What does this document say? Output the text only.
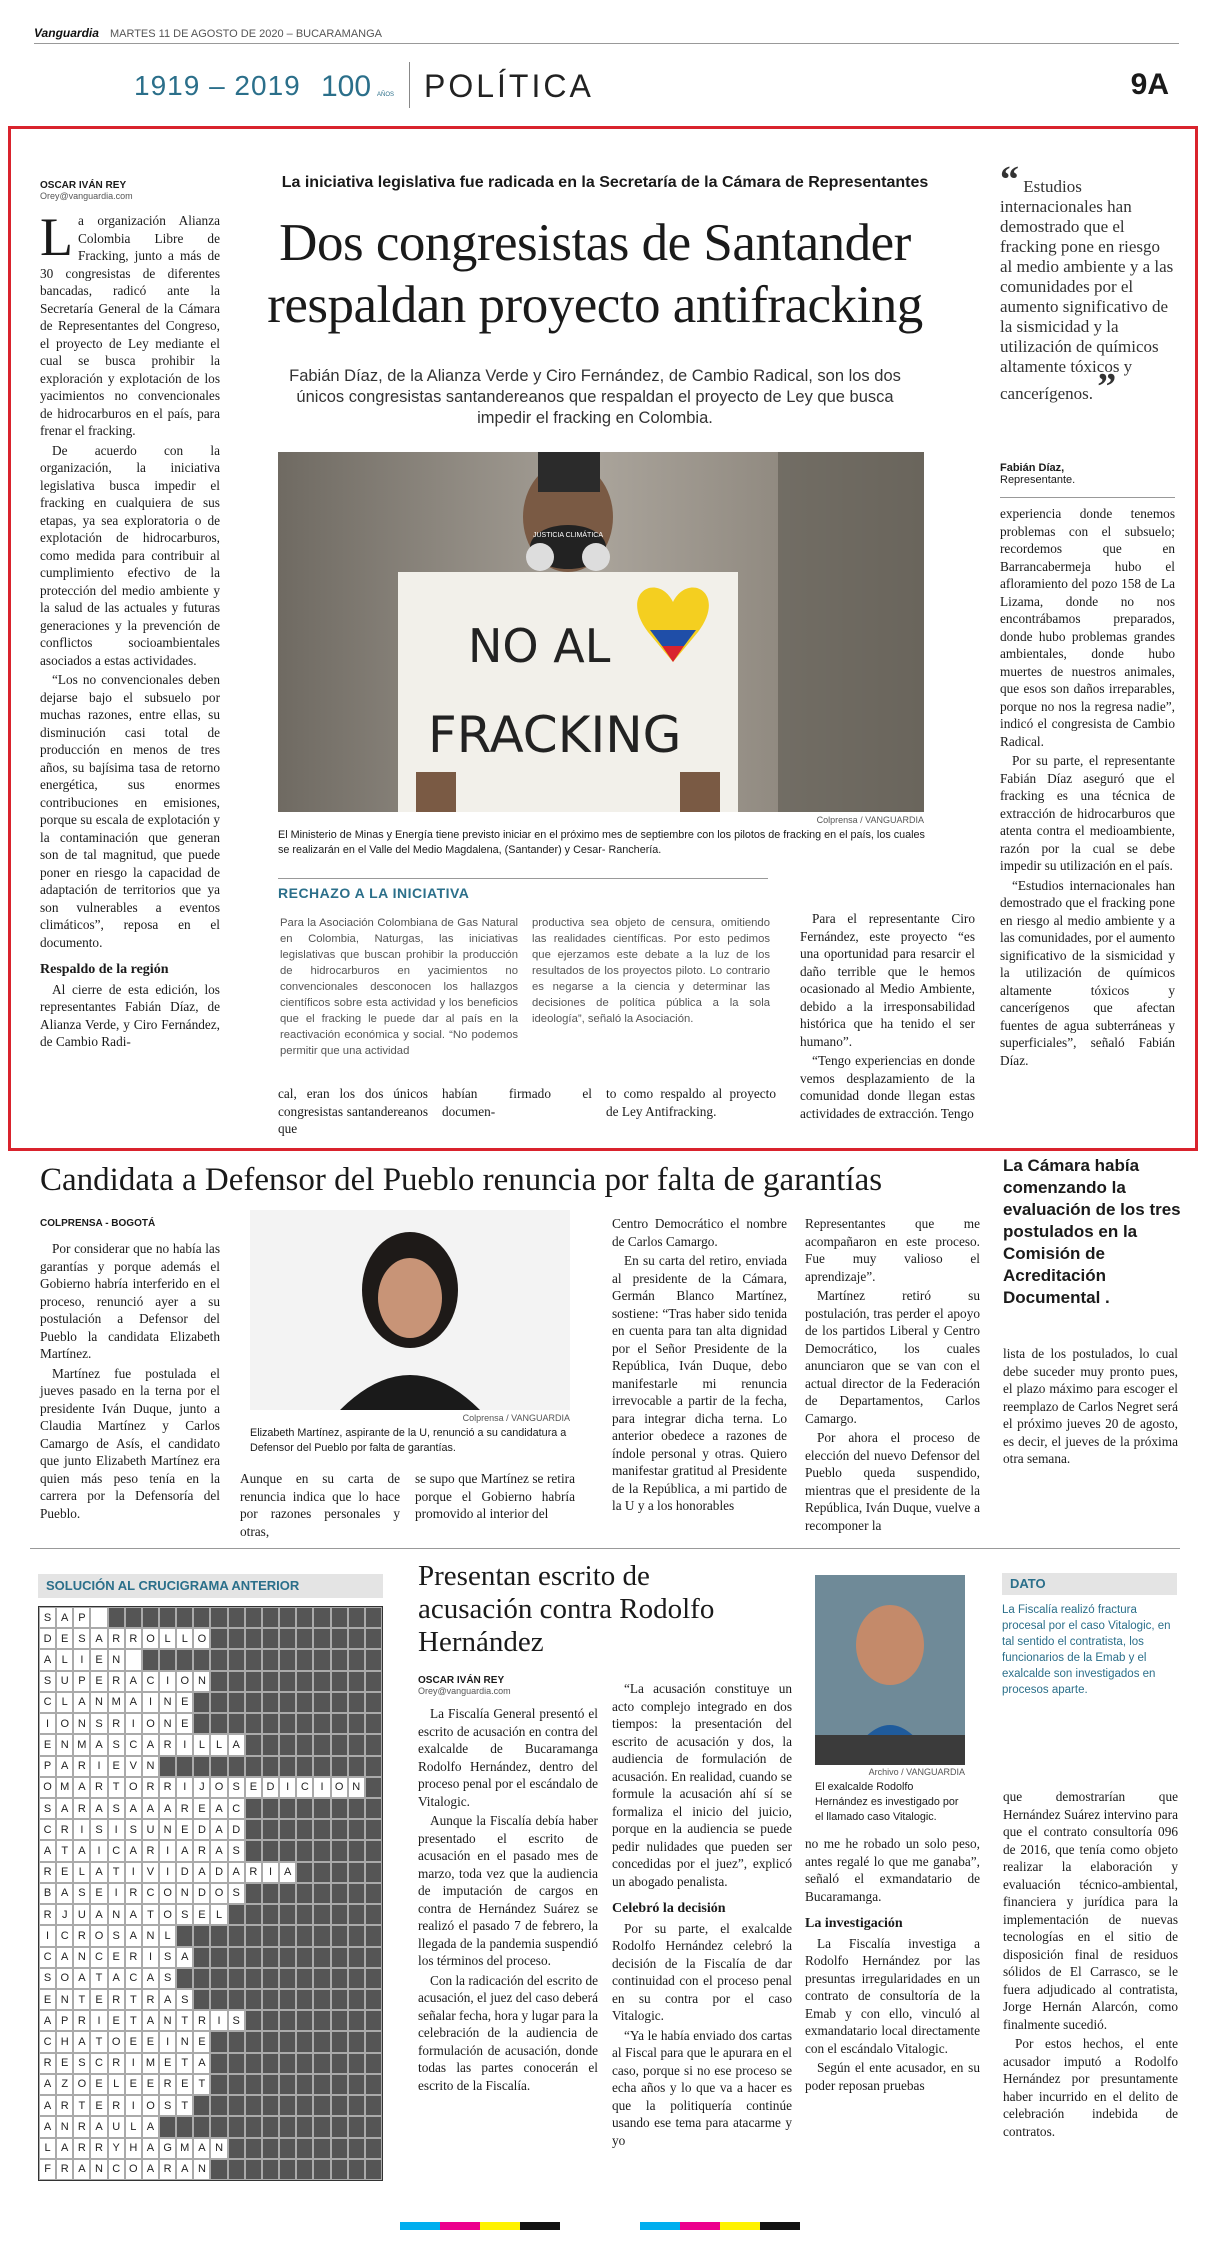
Vanguardia MARTES 11 DE AGOSTO DE 2020 – BUCARAMANGA
1919 – 2019 100 AÑOS POLÍTICA	9A
OSCAR IVÁN REY
Orey@vanguardia.com

La organización Alianza Colombia Libre de Fracking, junto a más de 30 congresistas de diferentes bancadas, radicó ante la Secretaría General de la Cámara de Representantes del Congreso, el proyecto de Ley mediante el cual se busca prohibir la exploración y explotación de los yacimientos no convencionales de hidrocarburos en el país, para frenar el fracking.

De acuerdo con la organización, la iniciativa legislativa busca impedir el fracking en cualquiera de sus etapas, ya sea exploratoria o de explotación de hidrocarburos, como medida para contribuir al cumplimiento efectivo de la protección del medio ambiente y la salud de las actuales y futuras generaciones y la prevención de conflictos socioambientales asociados a estas actividades.

“Los no convencionales deben dejarse bajo el subsuelo por muchas razones, entre ellas, su disminución casi total de producción en menos de tres años, su bajísima tasa de retorno energética, sus enormes contribuciones en emisiones, porque su escala de explotación y la contaminación que generan son de tal magnitud, que puede poner en riesgo la capacidad de adaptación de territorios que ya son vulnerables a eventos climáticos”, reposa en el documento.

Respaldo de la región

Al cierre de esta edición, los representantes Fabián Díaz, de Alianza Verde, y Ciro Fernández, de Cambio Radi-

La iniciativa legislativa fue radicada en la Secretaría de la Cámara de Representantes
Dos congresistas de Santander
respaldan proyecto antifracking
Fabián Díaz, de la Alianza Verde y Ciro Fernández, de Cambio Radical, son los dos únicos congresistas santandereanos que respaldan el proyecto de Ley que busca impedir el fracking en Colombia.
JUSTICIA CLIMÁTICA
NO AL
FRACKING
Colprensa / VANGUARDIA
El Ministerio de Minas y Energía tiene previsto iniciar en el próximo mes de septiembre con los pilotos de fracking en el país, los cuales se realizarán en el Valle del Medio Magdalena, (Santander) y Cesar- Ranchería.
RECHAZO A LA INICIATIVA
Para la Asociación Colombiana de Gas Natural en Colombia, Naturgas, las iniciativas legislativas que buscan prohibir la producción de hidrocarburos en yacimientos no convencionales desconocen los hallazgos científicos sobre esta actividad y los beneficios que el fracking le puede dar al país en la reactivación económica y social. “No podemos permitir que una actividad
productiva sea objeto de censura, omitiendo las realidades científicas. Por esto pedimos que ejerzamos este debate a la luz de los resultados de los proyectos piloto. Lo contrario es negarse a la ciencia y determinar las decisiones de política pública a la sola ideología”, señaló la Asociación.
cal, eran los dos únicos congresistas santandereanos que
habían firmado el documen-
to como respaldo al proyecto de Ley Antifracking.

Para el representante Ciro Fernández, este proyecto “es una oportunidad para resarcir el daño terrible que le hemos ocasionado al Medio Ambiente, debido a la irresponsabilidad histórica que ha tenido el ser humano”.

“Tengo experiencias en donde vemos desplazamiento de la comunidad donde llegan estas actividades de extracción. Tengo

“ Estudios internacionales han demostrado que el fracking pone en riesgo al medio ambiente y a las comunidades por el aumento significativo de la sismicidad y la utilización de químicos altamente tóxicos y cancerígenos. ”
Fabián Díaz,
Representante.

experiencia donde tenemos problemas con el subsuelo; recordemos que en Barrancabermeja hubo el afloramiento del pozo 158 de La Lizama, donde no nos encontrábamos preparados, donde hubo problemas grandes ambientales, donde hubo muertes de nuestros animales, que esos son daños irreparables, porque no nos la regresa nadie”, indicó el congresista de Cambio Radical.

Por su parte, el representante Fabián Díaz aseguró que el fracking es una técnica de extracción de hidrocarburos que atenta contra el medioambiente, razón por la cual se debe impedir su utilización en el país.

“Estudios internacionales han demostrado que el fracking pone en riesgo al medio ambiente y a las comunidades, por el aumento significativo de la sismicidad y la utilización de químicos altamente tóxicos y cancerígenos que afectan fuentes de agua subterráneas y superficiales”, señaló Fabián Díaz.

Candidata a Defensor del Pueblo renuncia por falta de garantías	La Cámara había comenzando la evaluación de los tres postulados en la Comisión de Acreditación Documental .
COLPRENSA - BOGOTÁ

Por considerar que no había las garantías y porque además el Gobierno habría interferido en el proceso, renunció ayer a su postulación a Defensor del Pueblo la candidata Elizabeth Martínez.

Martínez fue postulada el jueves pasado en la terna por el presidente Iván Duque, junto a Claudia Martínez y Carlos Camargo de Asís, el candidato que junto Elizabeth Martínez era quien más peso tenía en la carrera por la Defensoría del Pueblo.

Colprensa / VANGUARDIA
Elizabeth Martínez, aspirante de la U, renunció a su candidatura a Defensor del Pueblo por falta de garantías.
Aunque en su carta de renuncia indica que lo hace por razones personales y otras,
se supo que Martínez se retira porque el Gobierno habría promovido al interior del

Centro Democrático el nombre de Carlos Camargo.

En su carta del retiro, enviada al presidente de la Cámara, Germán Blanco Martínez, sostiene: “Tras haber sido tenida en cuenta para tan alta dignidad por el Señor Presidente de la República, Iván Duque, debo manifestarle mi renuncia irrevocable a partir de la fecha, para integrar dicha terna. Lo anterior obedece a razones de índole personal y otras. Quiero manifestar gratitud al Presidente de la República, a mi partido de la U y a los honorables

Representantes que me acompañaron en este proceso. Fue muy valioso el aprendizaje”.

Martínez retiró su postulación, tras perder el apoyo de los partidos Liberal y Centro Democrático, los cuales anunciaron que se van con el actual director de la Federación de Departamentos, Carlos Camargo.

Por ahora el proceso de elección del nuevo Defensor del Pueblo queda suspendido, mientras que el presidente de la República, Iván Duque, vuelve a recomponer la

lista de los postulados, lo cual debe suceder muy pronto pues, el plazo máximo para escoger el reemplazo de Carlos Negret será el próximo jueves 20 de agosto, es decir, el jueves de la próxima otra semana.
SOLUCIÓN AL CRUCIGRAMA ANTERIOR
S A P
D E S A R R O L	L O
A L	I	E N
S U P E R A C	I	O N
C L A N M A	I	N E
I	O N S R	I	O N E
E N M A S C A R	I	L	L A
P A R	I	E V N
O M A R T O R R	I	J O S E D	I	C	I	O N
S A R A S A A A R E A C
C R	I	S	I	S U N E D A D
A T A	I	C A R	I	A R A S
R E L A T	I	V	I	D A D A R	I	A
B A S E	I	R C O N D O S
R J U A N A T O S E L
I	C R O S A N L
C A N C E R	I	S A
S O A T A C A S
E N T E R T R A S
A P R	I	E T A N T R	I	S
C H A T O E E	I	N E
R E S C R	I	M E T A
A Z O E L E E R E T
A R T E R	I	O S T
A N R A U L A
L A R R Y H A G M A N
F R A N C O A R A N
Presentan escrito de acusación contra Rodolfo Hernández
OSCAR IVÁN REY
Orey@vanguardia.com

La Fiscalía General presentó el escrito de acusación en contra del exalcalde de Bucaramanga Rodolfo Hernández, dentro del proceso penal por el escándalo de Vitalogic.

Aunque la Fiscalía debía haber presentado el escrito de acusación en el pasado mes de marzo, toda vez que la audiencia de imputación de cargos en contra de Hernández Suárez se realizó el pasado 7 de febrero, la llegada de la pandemia suspendió los términos del proceso.

Con la radicación del escrito de acusación, el juez del caso deberá señalar fecha, hora y lugar para la celebración de la audiencia de formulación de acusación, donde todas las partes conocerán el escrito de la Fiscalía.

“La acusación constituye un acto complejo integrado en dos tiempos: la presentación del escrito de acusación y dos, la audiencia de formulación de acusación. En realidad, cuando se formule la acusación ahí sí se formaliza el inicio del juicio, porque en la audiencia se puede pedir nulidades que pueden ser concedidas por el juez”, explicó un abogado penalista.

Celebró la decisión

Por su parte, el exalcalde Rodolfo Hernández celebró la decisión de la Fiscalía de dar continuidad con el proceso penal en su contra por el caso Vitalogic.

“Ya le había enviado dos cartas al Fiscal para que le apurara en el caso, porque si no ese proceso se echa años y lo que va a hacer es que la politiquería continúe usando ese tema para atacarme y yo

Archivo / VANGUARDIA
El exalcalde Rodolfo Hernández es investigado por el llamado caso Vitalogic.

no me he robado un solo peso, antes regalé lo que me ganaba”, señaló el exmandatario de Bucaramanga.

La investigación

La Fiscalía investiga a Rodolfo Hernández por las presuntas irregularidades en un contrato de consultoría de la Emab y con ello, vinculó al exmandatario local directamente con el escándalo Vitalogic.

Según el ente acusador, en su poder reposan pruebas

DATO
La Fiscalía realizó fractura procesal por el caso Vitalogic, en tal sentido el contratista, los funcionarios de la Emab y el exalcalde son investigados en procesos aparte.

que demostrarían que Hernández Suárez intervino para que el contrato consultoría 096 de 2016, que tenía como objeto realizar la elaboración y evaluación técnico-ambiental, financiera y jurídica para la implementación de nuevas tecnologías en el sitio de disposición final de residuos sólidos de El Carrasco, se le fuera adjudicado al contratista, Jorge Hernán Alarcón, como finalmente sucedió.

Por estos hechos, el ente acusador imputó a Rodolfo Hernández por presuntamente haber incurrido en el delito de celebración indebida de contratos.
